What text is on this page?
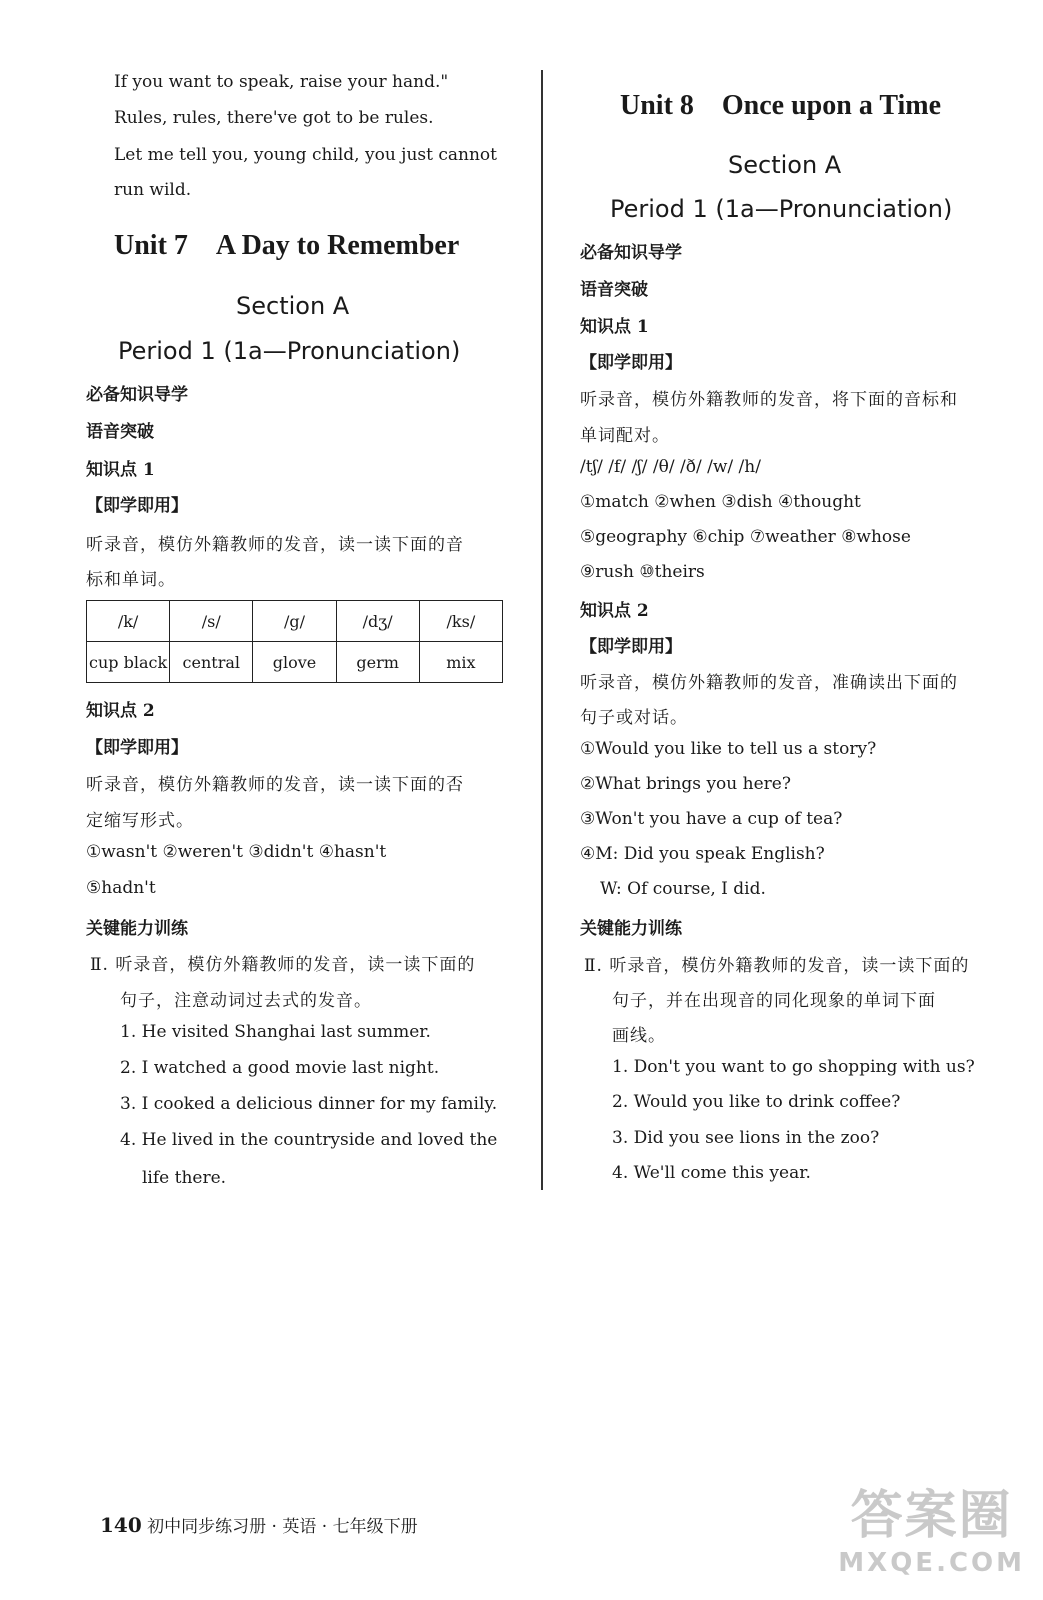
If you want to speak, raise your hand."
Rules, rules, there've got to be rules.
Let me tell you, young child, you just cannot
run wild.
Unit 7 A Day to Remember
Section A
Period 1 (1a—Pronunciation)
必备知识导学
语音突破
知识点 1
【即学即用】
听录音，模仿外籍教师的发音，读一读下面的音
标和单词。
/k/	/s/	/g/	/dʒ/	/ks/
cup black	central	glove	germ	mix
知识点 2
【即学即用】
听录音，模仿外籍教师的发音，读一读下面的否
定缩写形式。
①wasn't ②weren't ③didn't ④hasn't
⑤hadn't
关键能力训练
Ⅱ. 听录音，模仿外籍教师的发音，读一读下面的
句子，注意动词过去式的发音。
1. He visited Shanghai last summer.
2. I watched a good movie last night.
3. I cooked a delicious dinner for my family.
4. He lived in the countryside and loved the
life there.
Unit 8 Once upon a Time
Section A
Period 1 (1a—Pronunciation)
必备知识导学
语音突破
知识点 1
【即学即用】
听录音，模仿外籍教师的发音，将下面的音标和
单词配对。
/tʃ/ /f/ /ʃ/ /θ/ /ð/ /w/ /h/
①match ②when ③dish ④thought
⑤geography ⑥chip ⑦weather ⑧whose
⑨rush ⑩theirs
知识点 2
【即学即用】
听录音，模仿外籍教师的发音，准确读出下面的
句子或对话。
①Would you like to tell us a story?
②What brings you here?
③Won't you have a cup of tea?
④M: Did you speak English?
W: Of course, I did.
关键能力训练
Ⅱ. 听录音，模仿外籍教师的发音，读一读下面的
句子，并在出现音的同化现象的单词下面
画线。
1. Don't you want to go shopping with us?
2. Would you like to drink coffee?
3. Did you see lions in the zoo?
4. We'll come this year.
140 初中同步练习册 · 英语 · 七年级下册	答案圈
MXQE.COM
